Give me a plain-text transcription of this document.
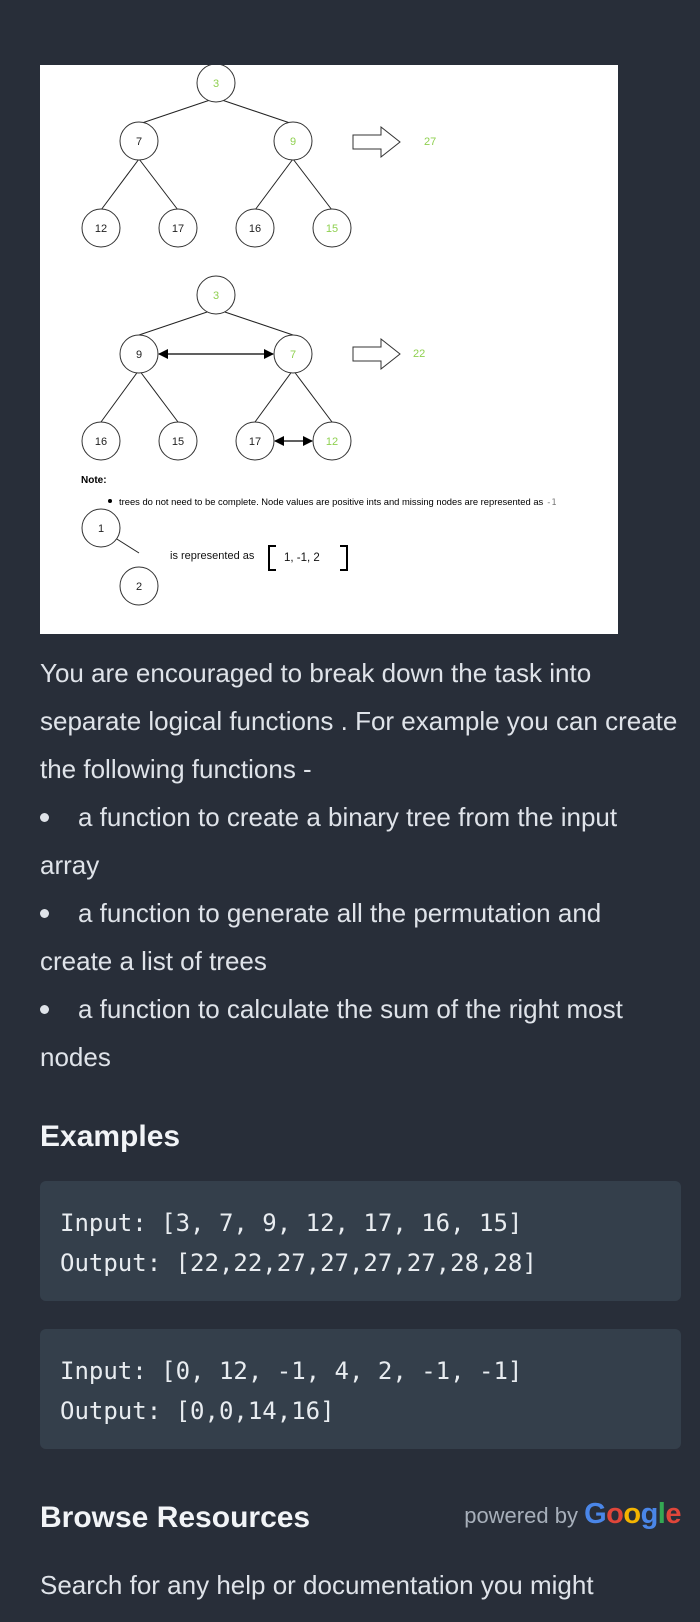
3
7	9
12	17	16	15
27
3
9	7
16	15	17	12
22
Note:
trees do not need to be complete. Node values are positive ints and missing nodes are represented as -1
1
2
is represented as	1, -1, 2
You are encouraged to break down the task into separate logical functions . For example you can create the following functions -
a function to create a binary tree from the input array
a function to generate all the permutation and create a list of trees
a function to calculate the sum of the right most nodes
Examples
Input: [3, 7, 9, 12, 17, 16, 15]
Output: [22,22,27,27,27,27,28,28]
Input: [0, 12, -1, 4, 2, -1, -1]
Output: [0,0,14,16]
Browse Resources	powered by Google

Search for any help or documentation you might
